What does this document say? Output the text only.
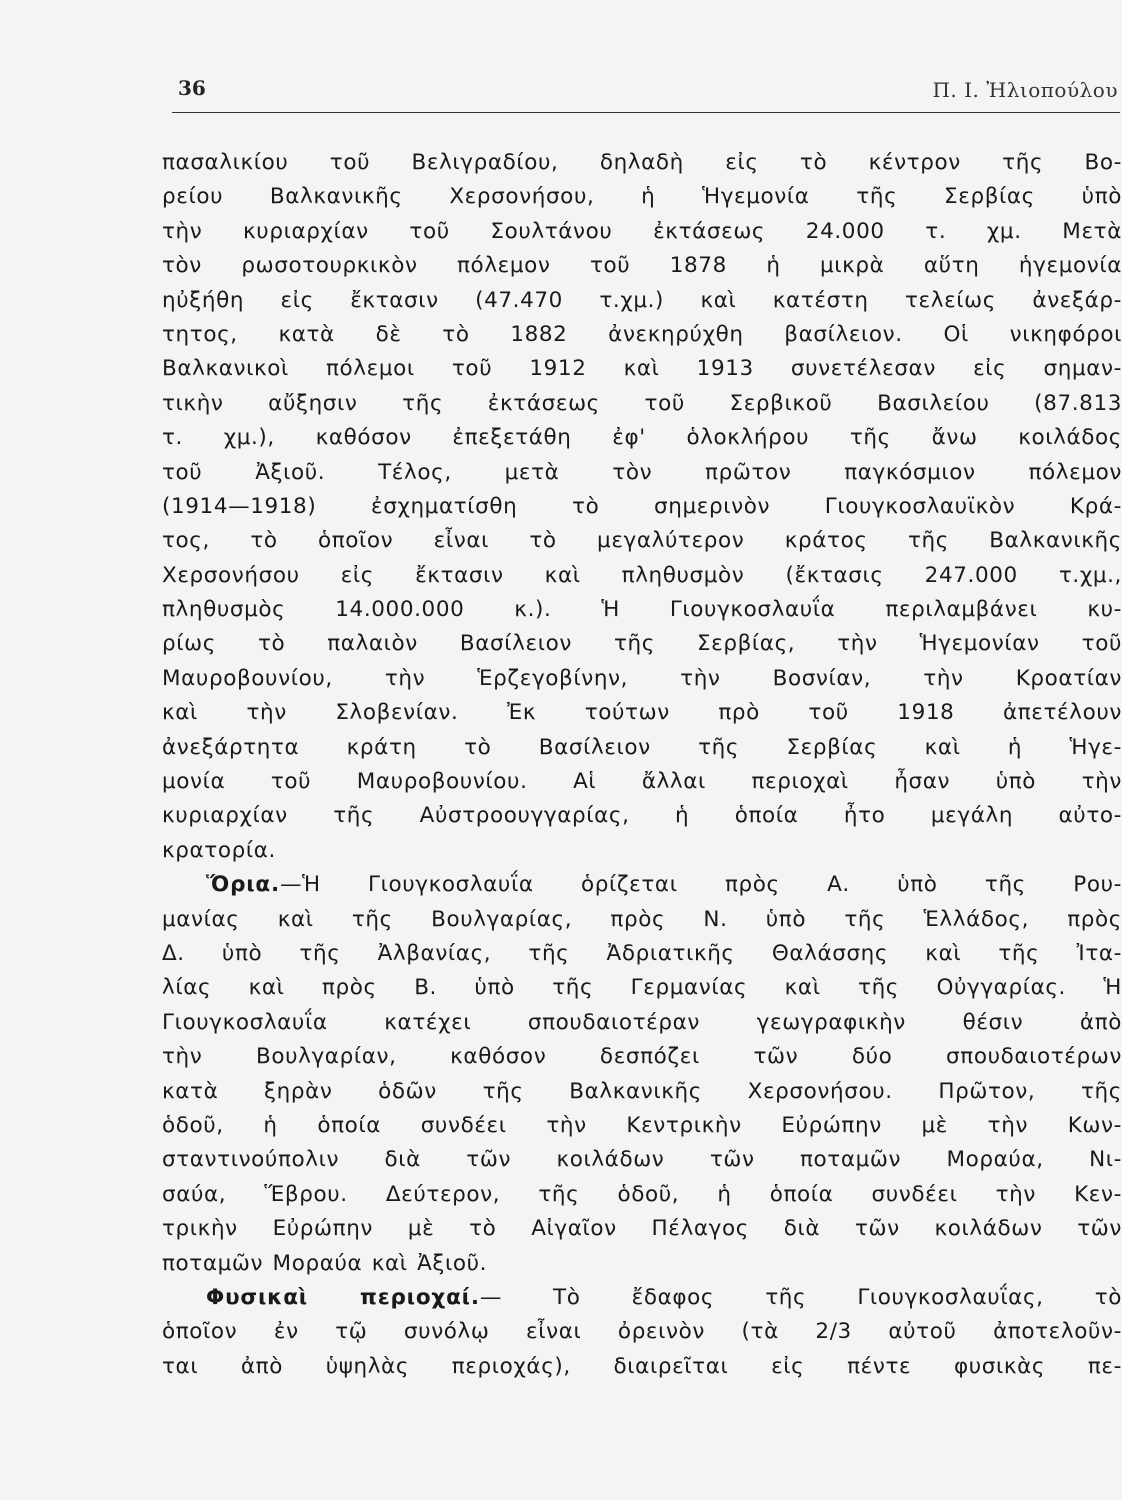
36	Π. Ι. Ἠλιοπούλου
πασαλικίου τοῦ Βελιγραδίου, δηλαδὴ εἰς τὸ κέντρον τῆς Βο-
ρείου Βαλκανικῆς Χερσονήσου, ἡ Ἡγεμονία τῆς Σερβίας ὑπὸ
τὴν κυριαρχίαν τοῦ Σουλτάνου ἐκτάσεως 24.000 τ. χμ. Μετὰ
τὸν ρωσοτουρκικὸν πόλεμον τοῦ 1878 ἡ μικρὰ αὕτη ἡγεμονία
ηὐξήθη εἰς ἔκτασιν (47.470 τ.χμ.) καὶ κατέστη τελείως ἀνεξάρ-
τητος, κατὰ δὲ τὸ 1882 ἀνεκηρύχθη βασίλειον. Οἱ νικηφόροι
Βαλκανικοὶ πόλεμοι τοῦ 1912 καὶ 1913 συνετέλεσαν εἰς σημαν-
τικὴν αὔξησιν τῆς ἐκτάσεως τοῦ Σερβικοῦ Βασιλείου (87.813
τ. χμ.), καθόσον ἐπεξετάθη ἐφ' ὁλοκλήρου τῆς ἄνω κοιλάδος
τοῦ Ἀξιοῦ. Τέλος, μετὰ τὸν πρῶτον παγκόσμιον πόλεμον
(1914—1918) ἐσχηματίσθη τὸ σημερινὸν Γιουγκοσλαυϊκὸν Κρά-
τος, τὸ ὁποῖον εἶναι τὸ μεγαλύτερον κράτος τῆς Βαλκανικῆς
Χερσονήσου εἰς ἔκτασιν καὶ πληθυσμὸν (ἔκτασις 247.000 τ.χμ.,
πληθυσμὸς 14.000.000 κ.). Ἡ Γιουγκοσλαυΐα περιλαμβάνει κυ-
ρίως τὸ παλαιὸν Βασίλειον τῆς Σερβίας, τὴν Ἡγεμονίαν τοῦ
Μαυροβουνίου, τὴν Ἑρζεγοβίνην, τὴν Βοσνίαν, τὴν Κροατίαν
καὶ τὴν Σλοβενίαν. Ἐκ τούτων πρὸ τοῦ 1918 ἀπετέλουν
ἀνεξάρτητα κράτη τὸ Βασίλειον τῆς Σερβίας καὶ ἡ Ἡγε-
μονία τοῦ Μαυροβουνίου. Αἱ ἄλλαι περιοχαὶ ἦσαν ὑπὸ τὴν
κυριαρχίαν τῆς Αὐστροουγγαρίας, ἡ ὁποία ἦτο μεγάλη αὐτο-
κρατορία.
Ὅρια.—Ἡ Γιουγκοσλαυΐα ὁρίζεται πρὸς Α. ὑπὸ τῆς Ρου-
μανίας καὶ τῆς Βουλγαρίας, πρὸς Ν. ὑπὸ τῆς Ἑλλάδος, πρὸς
Δ. ὑπὸ τῆς Ἀλβανίας, τῆς Ἀδριατικῆς Θαλάσσης καὶ τῆς Ἰτα-
λίας καὶ πρὸς Β. ὑπὸ τῆς Γερμανίας καὶ τῆς Οὐγγαρίας. Ἡ
Γιουγκοσλαυΐα κατέχει σπουδαιοτέραν γεωγραφικὴν θέσιν ἀπὸ
τὴν Βουλγαρίαν, καθόσον δεσπόζει τῶν δύο σπουδαιοτέρων
κατὰ ξηρὰν ὁδῶν τῆς Βαλκανικῆς Χερσονήσου. Πρῶτον, τῆς
ὁδοῦ, ἡ ὁποία συνδέει τὴν Κεντρικὴν Εὐρώπην μὲ τὴν Κων-
σταντινούπολιν διὰ τῶν κοιλάδων τῶν ποταμῶν Μοραύα, Νι-
σαύα, Ἕβρου. Δεύτερον, τῆς ὁδοῦ, ἡ ὁποία συνδέει τὴν Κεν-
τρικὴν Εὐρώπην μὲ τὸ Αἰγαῖον Πέλαγος διὰ τῶν κοιλάδων τῶν
ποταμῶν Μοραύα καὶ Ἀξιοῦ.
Φυσικαὶ περιοχαί.— Τὸ ἔδαφος τῆς Γιουγκοσλαυΐας, τὸ
ὁποῖον ἐν τῷ συνόλῳ εἶναι ὀρεινὸν (τὰ 2/3 αὐτοῦ ἀποτελοῦν-
ται ἀπὸ ὑψηλὰς περιοχάς), διαιρεῖται εἰς πέντε φυσικὰς πε-
